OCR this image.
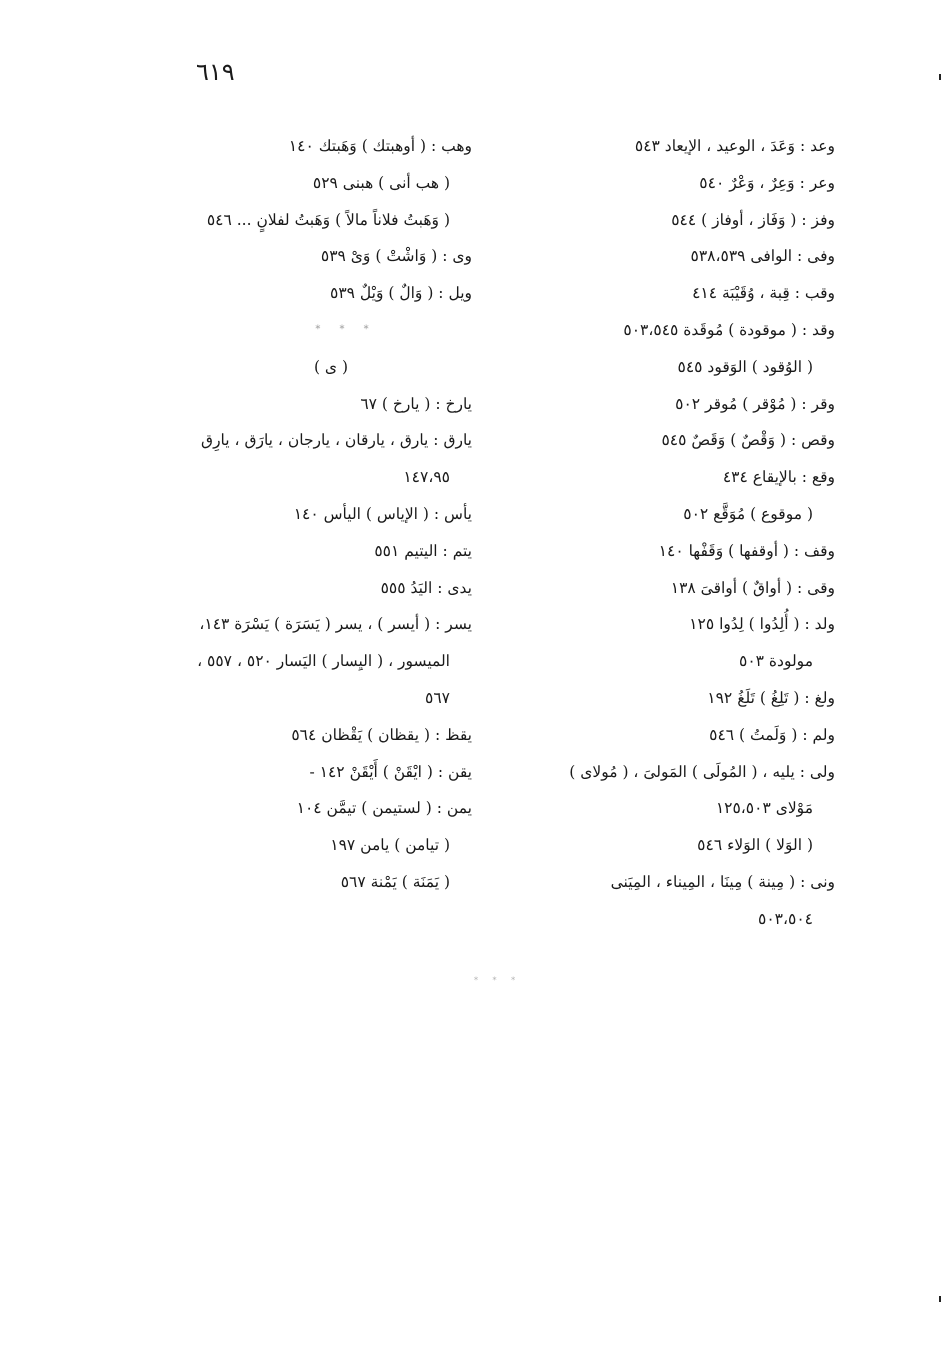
٦١٩
وعد : وَعَدَ ، الوعيد ، الإيعاد ٥٤٣
وعر : وَعِرٌ ، وَعْرٌ ٥٤٠
وفز : ( وَفَاز ، أوفاز ) ٥٤٤
وفى : الوافى ٥٣٨،٥٣٩
وقب : قِبة ، وُقَيْبَة ٤١٤
وقد : ( موقودة ) مُوقَدة ٥٠٣،٥٤٥
( الوُقود ) الوَقود ٥٤٥
وقر : ( مُوْقر ) مُوقر ٥٠٢
وقص : ( وَقْصٌ ) وَقَصٌ ٥٤٥
وقع : بالإيقاع ٤٣٤
( موقوع ) مُوَقَّع ٥٠٢
وقف : ( أوقفها ) وَقَفْها ١٤٠
وقى : ( أواقٌ ) أواقىَ ١٣٨
ولد : ( أُلِدُوا ) لِدُوا ١٢٥
مولودة ٥٠٣
ولغ : ( تَلِغُ ) تَلَغُ ١٩٢
ولم : ( وَلَمتُ ) ٥٤٦
ولى : يليه ، ( المُولَى ) المَولىَ ، ( مُولاى )
مَوْلاى ١٢٥،٥٠٣
( الوَلا ) الوَلاء ٥٤٦
ونى : ( مِينة ) مِينَا ، المِيناء ، المِيَنى
٥٠٣،٥٠٤
وهب : ( أوهبتك ) وَهَبتك ١٤٠
( هب أنى ) هبنى ٥٢٩
( وَهَبتُ فلاناً مالاً ) وَهَبتُ لفلانٍ ... ٥٤٦
وى : ( وَاشْتْ ) وَىْ ٥٣٩
ويل : ( وَالٌ ) وَيْلٌ ٥٣٩
* * *
( ى )
يارخ : ( يارخ ) ٦٧
يارق : يارق ، يارقان ، يارجان ، يارَق ، يارِق
١٤٧،٩٥
يأس : ( الإياس ) اليأس ١٤٠
يتم : اليتيم ٥٥١
يدى : اليَدُ ٥٥٥
يسر : ( أيسر ) ، يسر ( يَسَرَة ) يَسْرَة ١٤٣،
الميسور ، ( اليِسار ) اليَسار ٥٢٠ ، ٥٥٧ ،
٥٦٧
يقظ : ( يقظان ) يَقْظان ٥٦٤
يقن : ( ايْقَنْ ) أَيْقَنْ ١٤٢ -
يمن : ( لستيمن ) تيمَّن ١٠٤
( تيامن ) يامن ١٩٧
( يَمَنَة ) يَمْنة ٥٦٧
* * *
